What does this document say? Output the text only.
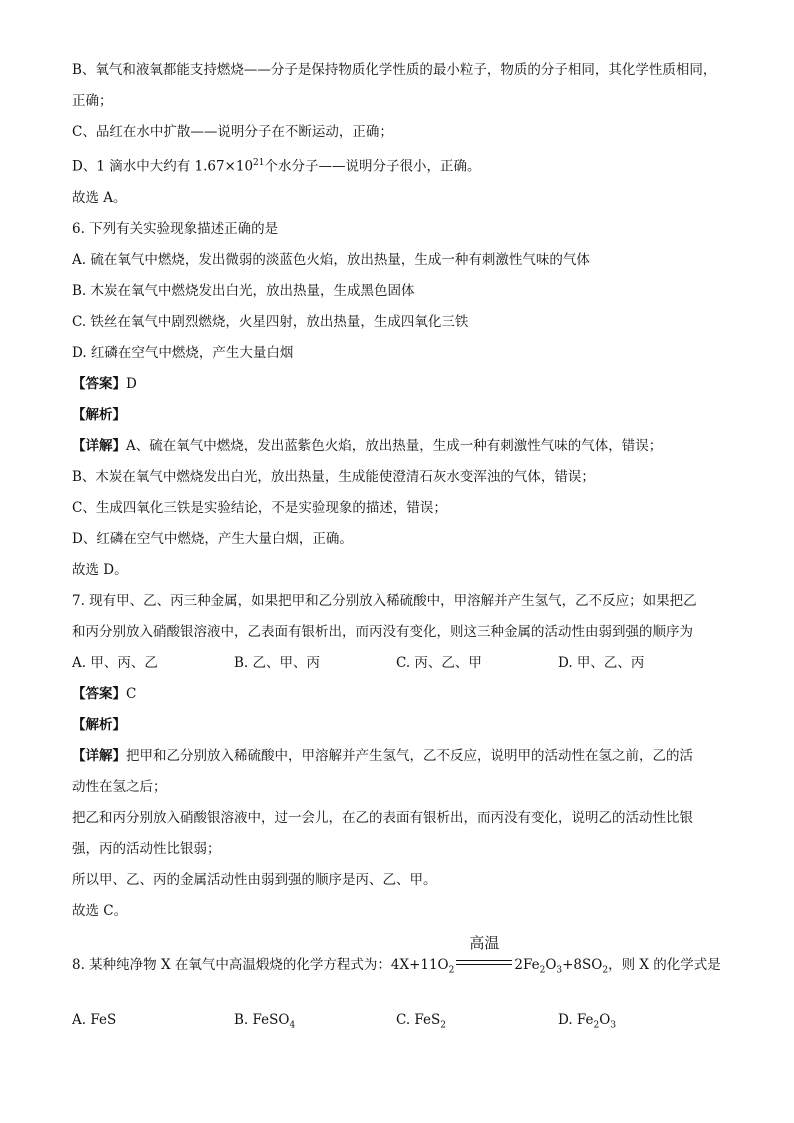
B、氧气和液氧都能支持燃烧——分子是保持物质化学性质的最小粒子，物质的分子相同，其化学性质相同，
正确；
C、品红在水中扩散——说明分子在不断运动，正确；
D、1 滴水中大约有 $1.67\times 10^{21}$个水分子——说明分子很小，正确。
故选 A。
6. 下列有关实验现象描述正确的是
A. 硫在氧气中燃烧，发出微弱的淡蓝色火焰，放出热量，生成一种有刺激性气味的气体
B. 木炭在氧气中燃烧发出白光，放出热量，生成黑色固体
C. 铁丝在氧气中剧烈燃烧，火星四射，放出热量，生成四氧化三铁
D. 红磷在空气中燃烧，产生大量白烟
【答案】D
【解析】
【详解】A、硫在氧气中燃烧，发出蓝紫色火焰，放出热量，生成一种有刺激性气味的气体，错误；
B、木炭在氧气中燃烧发出白光，放出热量，生成能使澄清石灰水变浑浊的气体，错误；
C、生成四氧化三铁是实验结论，不是实验现象的描述，错误；
D、红磷在空气中燃烧，产生大量白烟，正确。
故选 D。
7. 现有甲、乙、丙三种金属，如果把甲和乙分别放入稀硫酸中，甲溶解并产生氢气，乙不反应；如果把乙
和丙分别放入硝酸银溶液中，乙表面有银析出，而丙没有变化，则这三种金属的活动性由弱到强的顺序为
A. 甲、丙、乙	B. 乙、甲、丙	C. 丙、乙、甲	D. 甲、乙、丙
【答案】C
【解析】
【详解】把甲和乙分别放入稀硫酸中，甲溶解并产生氢气，乙不反应，说明甲的活动性在氢之前，乙的活
动性在氢之后；
把乙和丙分别放入硝酸银溶液中，过一会儿，在乙的表面有银析出，而丙没有变化，说明乙的活动性比银
强，丙的活动性比银弱；
所以甲、乙、丙的金属活动性由弱到强的顺序是丙、乙、甲。
故选 C。
8. 某种纯净物 X 在氧气中高温煅烧的化学方程式为：$4X+11O_2$
高温
$2Fe_2O_3+8SO_2$，则 X 的化学式是
A. FeS	B. FeSO$_4$	C. FeS$_2$	D. $Fe_2O_3$
